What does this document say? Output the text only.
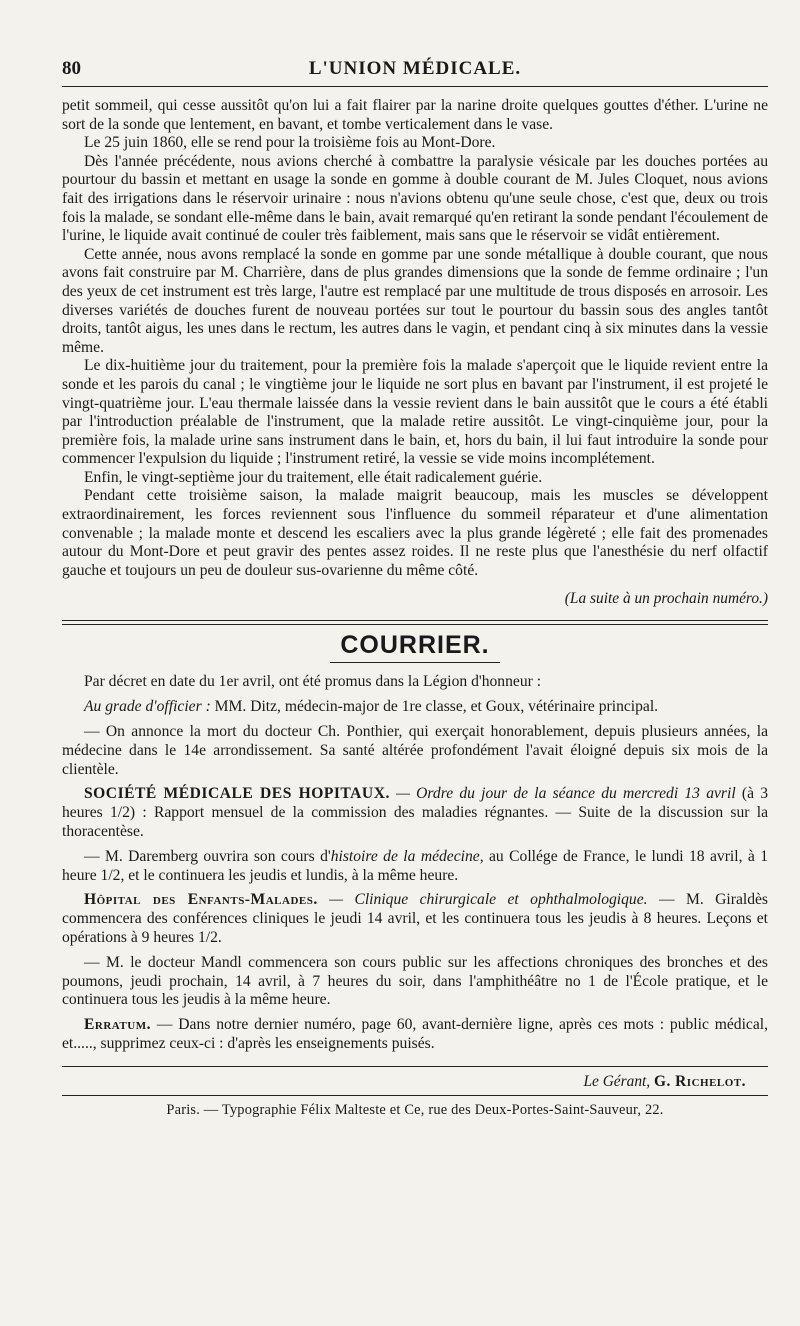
80	L'UNION MÉDICALE.

petit sommeil, qui cesse aussitôt qu'on lui a fait flairer par la narine droite quelques gouttes d'éther. L'urine ne sort de la sonde que lentement, en bavant, et tombe verticalement dans le vase.

Le 25 juin 1860, elle se rend pour la troisième fois au Mont-Dore.

Dès l'année précédente, nous avions cherché à combattre la paralysie vésicale par les douches portées au pourtour du bassin et mettant en usage la sonde en gomme à double courant de M. Jules Cloquet, nous avions fait des irrigations dans le réservoir urinaire : nous n'avions obtenu qu'une seule chose, c'est que, deux ou trois fois la malade, se sondant elle-même dans le bain, avait remarqué qu'en retirant la sonde pendant l'écoulement de l'urine, le liquide avait continué de couler très faiblement, mais sans que le réservoir se vidât entièrement.

Cette année, nous avons remplacé la sonde en gomme par une sonde métallique à double courant, que nous avons fait construire par M. Charrière, dans de plus grandes dimensions que la sonde de femme ordinaire ; l'un des yeux de cet instrument est très large, l'autre est remplacé par une multitude de trous disposés en arrosoir. Les diverses variétés de douches furent de nouveau portées sur tout le pourtour du bassin sous des angles tantôt droits, tantôt aigus, les unes dans le rectum, les autres dans le vagin, et pendant cinq à six minutes dans la vessie même.

Le dix-huitième jour du traitement, pour la première fois la malade s'aperçoit que le liquide revient entre la sonde et les parois du canal ; le vingtième jour le liquide ne sort plus en bavant par l'instrument, il est projeté le vingt-quatrième jour. L'eau thermale laissée dans la vessie revient dans le bain aussitôt que le cours a été établi par l'introduction préalable de l'instrument, que la malade retire aussitôt. Le vingt-cinquième jour, pour la première fois, la malade urine sans instrument dans le bain, et, hors du bain, il lui faut introduire la sonde pour commencer l'expulsion du liquide ; l'instrument retiré, la vessie se vide moins incomplétement.

Enfin, le vingt-septième jour du traitement, elle était radicalement guérie.

Pendant cette troisième saison, la malade maigrit beaucoup, mais les muscles se développent extraordinairement, les forces reviennent sous l'influence du sommeil réparateur et d'une alimentation convenable ; la malade monte et descend les escaliers avec la plus grande légèreté ; elle fait des promenades autour du Mont-Dore et peut gravir des pentes assez roides. Il ne reste plus que l'anesthésie du nerf olfactif gauche et toujours un peu de douleur sus-ovarienne du même côté.

(La suite à un prochain numéro.)
COURRIER.

Par décret en date du 1er avril, ont été promus dans la Légion d'honneur :

Au grade d'officier : MM. Ditz, médecin-major de 1re classe, et Goux, vétérinaire principal.

— On annonce la mort du docteur Ch. Ponthier, qui exerçait honorablement, depuis plusieurs années, la médecine dans le 14e arrondissement. Sa santé altérée profondément l'avait éloigné depuis six mois de la clientèle.

SOCIÉTÉ MÉDICALE DES HOPITAUX. — Ordre du jour de la séance du mercredi 13 avril (à 3 heures 1/2) : Rapport mensuel de la commission des maladies régnantes. — Suite de la discussion sur la thoracentèse.

— M. Daremberg ouvrira son cours d'histoire de la médecine, au Collége de France, le lundi 18 avril, à 1 heure 1/2, et le continuera les jeudis et lundis, à la même heure.

Hôpital des Enfants-Malades. — Clinique chirurgicale et ophthalmologique. — M. Giraldès commencera des conférences cliniques le jeudi 14 avril, et les continuera tous les jeudis à 8 heures. Leçons et opérations à 9 heures 1/2.

— M. le docteur Mandl commencera son cours public sur les affections chroniques des bronches et des poumons, jeudi prochain, 14 avril, à 7 heures du soir, dans l'amphithéâtre no 1 de l'École pratique, et le continuera tous les jeudis à la même heure.

Erratum. — Dans notre dernier numéro, page 60, avant-dernière ligne, après ces mots : public médical, et....., supprimez ceux-ci : d'après les enseignements puisés.

Le Gérant, G. Richelot.
Paris. — Typographie Félix Malteste et Ce, rue des Deux-Portes-Saint-Sauveur, 22.
